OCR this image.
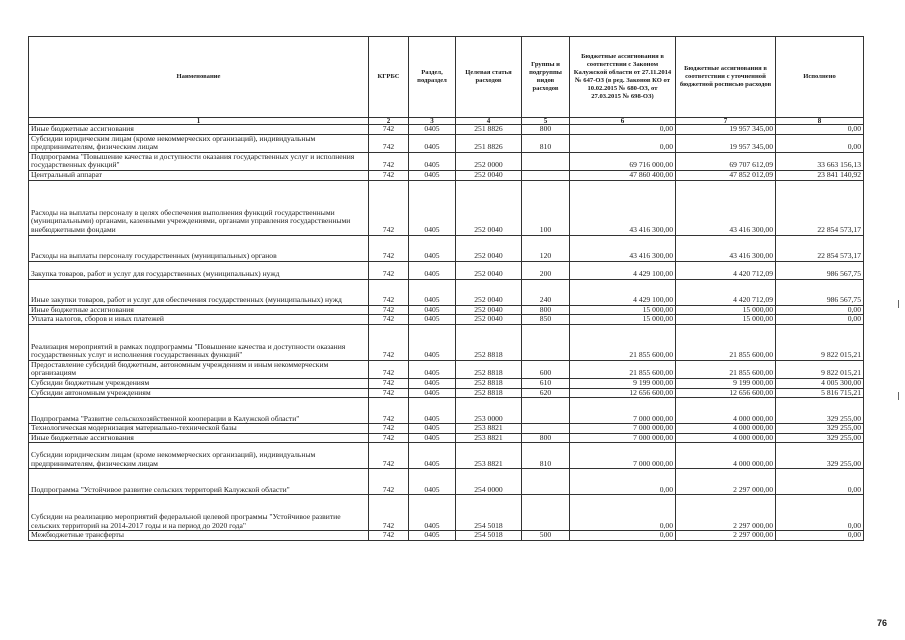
Наименование	КГРБС	Раздел, подраздел	Целевая статья расходов	Группы и подгруппы видов расходов	Бюджетные ассигнования в соответствии с Законом Калужской области от 27.11.2014 № 647-ОЗ (в ред. Законов КО от 10.02.2015 № 680-ОЗ, от 27.03.2015 № 698-ОЗ)	Бюджетные ассигнования в соответствии с уточненной бюджетной росписью расходов	Исполнено
1	2	3	4	5	6	7	8
Иные бюджетные ассигнования	742	0405	251 8826	800	0,00	19 957 345,00	0,00
Субсидии юридическим лицам (кроме некоммерческих организаций), индивидуальным предпринимателям, физическим лицам	742	0405	251 8826	810	0,00	19 957 345,00	0,00
Подпрограмма "Повышение качества и доступности оказания государственных услуг и исполнения государственных функций"	742	0405	252 0000		69 716 000,00	69 707 612,09	33 663 156,13
Центральный аппарат	742	0405	252 0040		47 860 400,00	47 852 012,09	23 841 140,92
Расходы на выплаты персоналу в целях обеспечения выполнения функций государственными (муниципальными) органами, казенными учреждениями, органами управления государственными внебюджетными фондами	742	0405	252 0040	100	43 416 300,00	43 416 300,00	22 854 573,17
Расходы на выплаты персоналу государственных (муниципальных) органов	742	0405	252 0040	120	43 416 300,00	43 416 300,00	22 854 573,17
Закупка товаров, работ и услуг для государственных (муниципальных) нужд	742	0405	252 0040	200	4 429 100,00	4 420 712,09	986 567,75
Иные закупки товаров, работ и услуг для обеспечения государственных (муниципальных) нужд	742	0405	252 0040	240	4 429 100,00	4 420 712,09	986 567,75
Иные бюджетные ассигнования	742	0405	252 0040	800	15 000,00	15 000,00	0,00
Уплата налогов, сборов и иных платежей	742	0405	252 0040	850	15 000,00	15 000,00	0,00
Реализация мероприятий в рамках подпрограммы "Повышение качества и доступности оказания государственных услуг и исполнения государственных функций"	742	0405	252 8818		21 855 600,00	21 855 600,00	9 822 015,21
Предоставление субсидий бюджетным, автономным учреждениям и иным некоммерческим организациям	742	0405	252 8818	600	21 855 600,00	21 855 600,00	9 822 015,21
Субсидии бюджетным учреждениям	742	0405	252 8818	610	9 199 000,00	9 199 000,00	4 005 300,00
Субсидии автономным учреждениям	742	0405	252 8818	620	12 656 600,00	12 656 600,00	5 816 715,21
Подпрограмма "Развитие сельскохозяйственной кооперации в Калужской области"	742	0405	253 0000		7 000 000,00	4 000 000,00	329 255,00
Технологическая модернизация материально-технической базы	742	0405	253 8821		7 000 000,00	4 000 000,00	329 255,00
Иные бюджетные ассигнования	742	0405	253 8821	800	7 000 000,00	4 000 000,00	329 255,00
Субсидии юридическим лицам (кроме некоммерческих организаций), индивидуальным предпринимателям, физическим лицам	742	0405	253 8821	810	7 000 000,00	4 000 000,00	329 255,00
Подпрограмма "Устойчивое развитие сельских территорий Калужской области"	742	0405	254 0000		0,00	2 297 000,00	0,00
Субсидии на реализацию мероприятий федеральной целевой программы "Устойчивое развитие сельских территорий на 2014-2017 годы и на период до 2020 года"	742	0405	254 5018		0,00	2 297 000,00	0,00
Межбюджетные трансферты	742	0405	254 5018	500	0,00	2 297 000,00	0,00
76
